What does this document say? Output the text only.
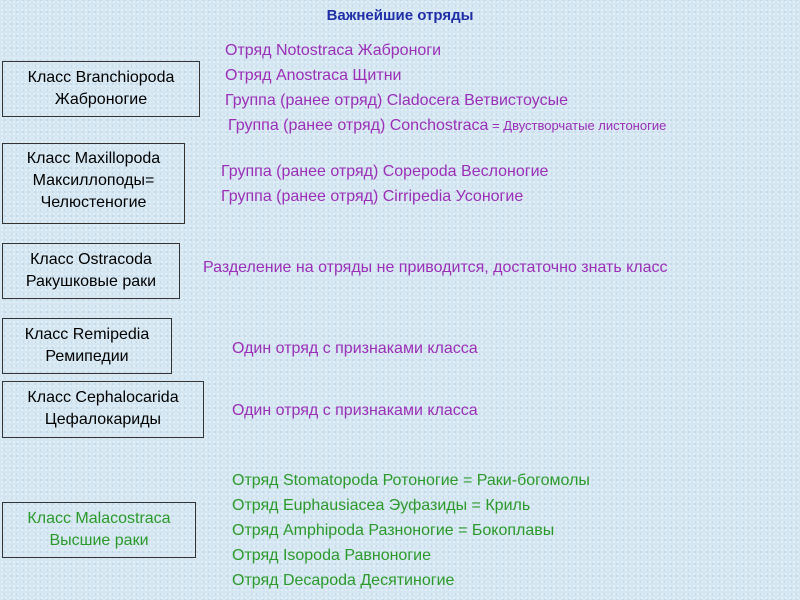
Важнейшие отряды
Класс Branchiopoda
Жаброногие
Класс Maxillopoda
Максиллоподы=
Челюстеногие
Класс Ostracoda
Ракушковые раки
Класс Remipedia
Ремипедии
Класс Cephalocarida
Цефалокариды
Класс Malacostraca
Высшие раки
Отряд Notostraca Жаброноги
Отряд Anostraca Щитни
Группа (ранее отряд) Cladocera Ветвистоусые
Группа (ранее отряд) Conchostraca = Двустворчатые листоногие
Группа (ранее отряд) Copepoda Веслоногие
Группа (ранее отряд) Cirripedia Усоногие
Разделение на отряды не приводится, достаточно знать класс
Один отряд с признаками класса
Один отряд с признаками класса
Отряд Stomatopoda Ротоногие = Раки-богомолы
Отряд Euphausiacea Эуфазиды = Криль
Отряд Amphipoda Разноногие = Бокоплавы
Отряд Isopoda Равноногие
Отряд Decapoda Десятиногие
